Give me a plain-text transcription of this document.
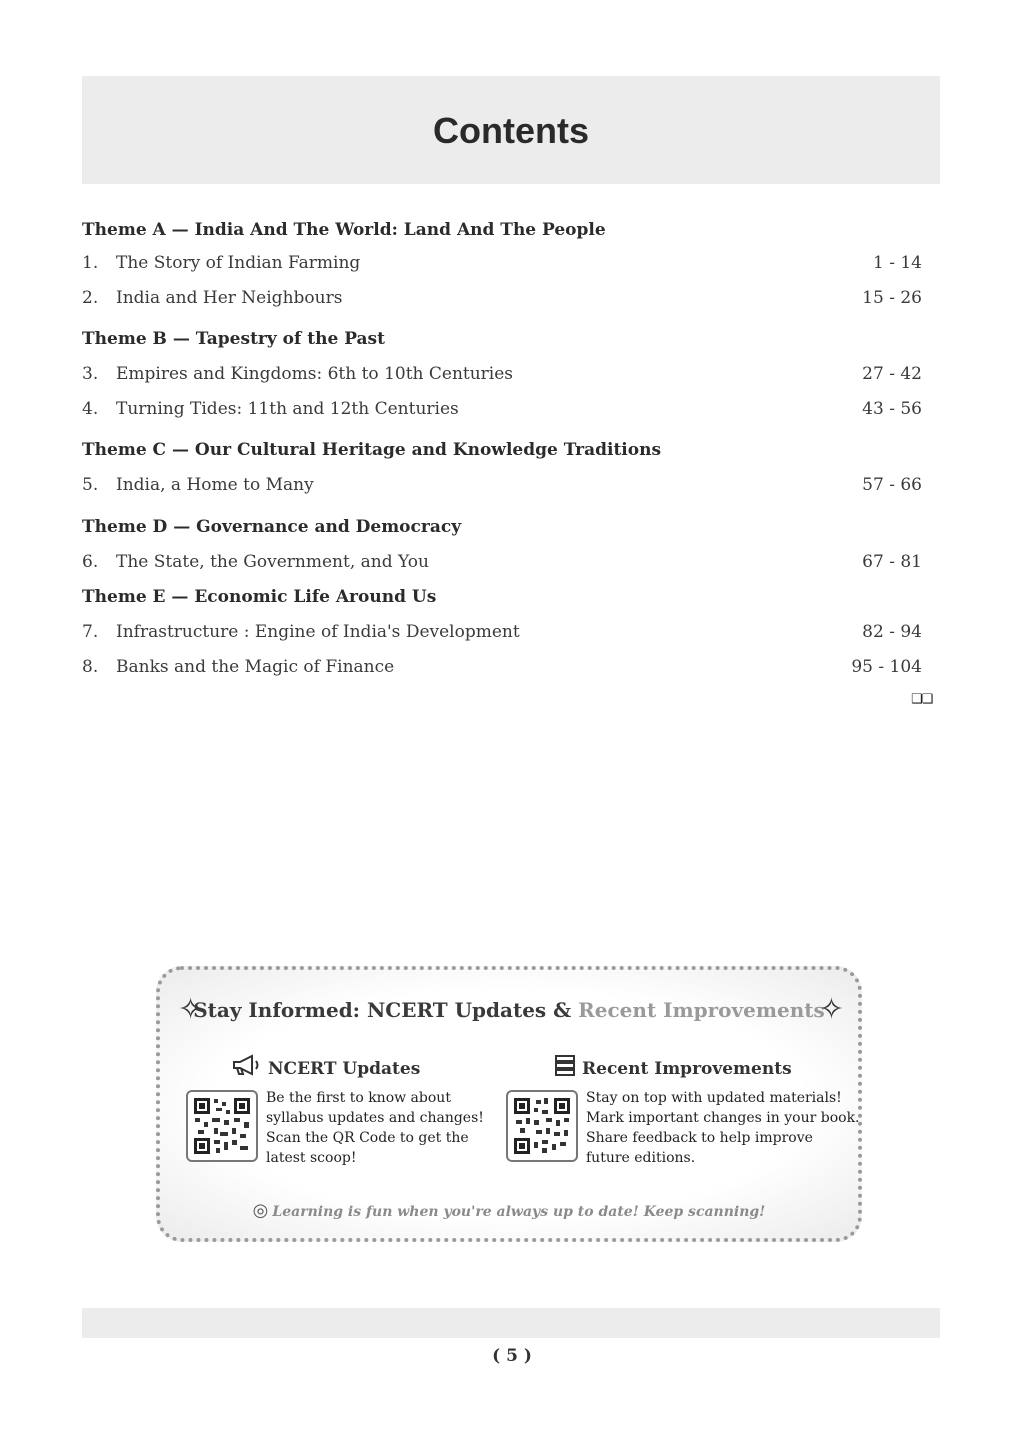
Contents
Theme A — India And The World: Land And The People
1. The Story of Indian Farming	1 - 14
2. India and Her Neighbours	15 - 26
Theme B — Tapestry of the Past
3. Empires and Kingdoms: 6th to 10th Centuries	27 - 42
4. Turning Tides: 11th and 12th Centuries	43 - 56
Theme C — Our Cultural Heritage and Knowledge Traditions
5. India, a Home to Many	57 - 66
Theme D — Governance and Democracy
6. The State, the Government, and You	67 - 81
Theme E — Economic Life Around Us
7. Infrastructure : Engine of India's Development	82 - 94
8. Banks and the Magic of Finance	95 - 104
❑❑
✧
Stay Informed: NCERT Updates & Recent Improvements
✧
NCERT Updates	Recent Improvements
Be the first to know about
syllabus updates and changes!
Scan the QR Code to get the
latest scoop!
Stay on top with updated materials!
Mark important changes in your book.
Share feedback to help improve
future editions.
◎ Learning is fun when you're always up to date! Keep scanning!
( 5 )
